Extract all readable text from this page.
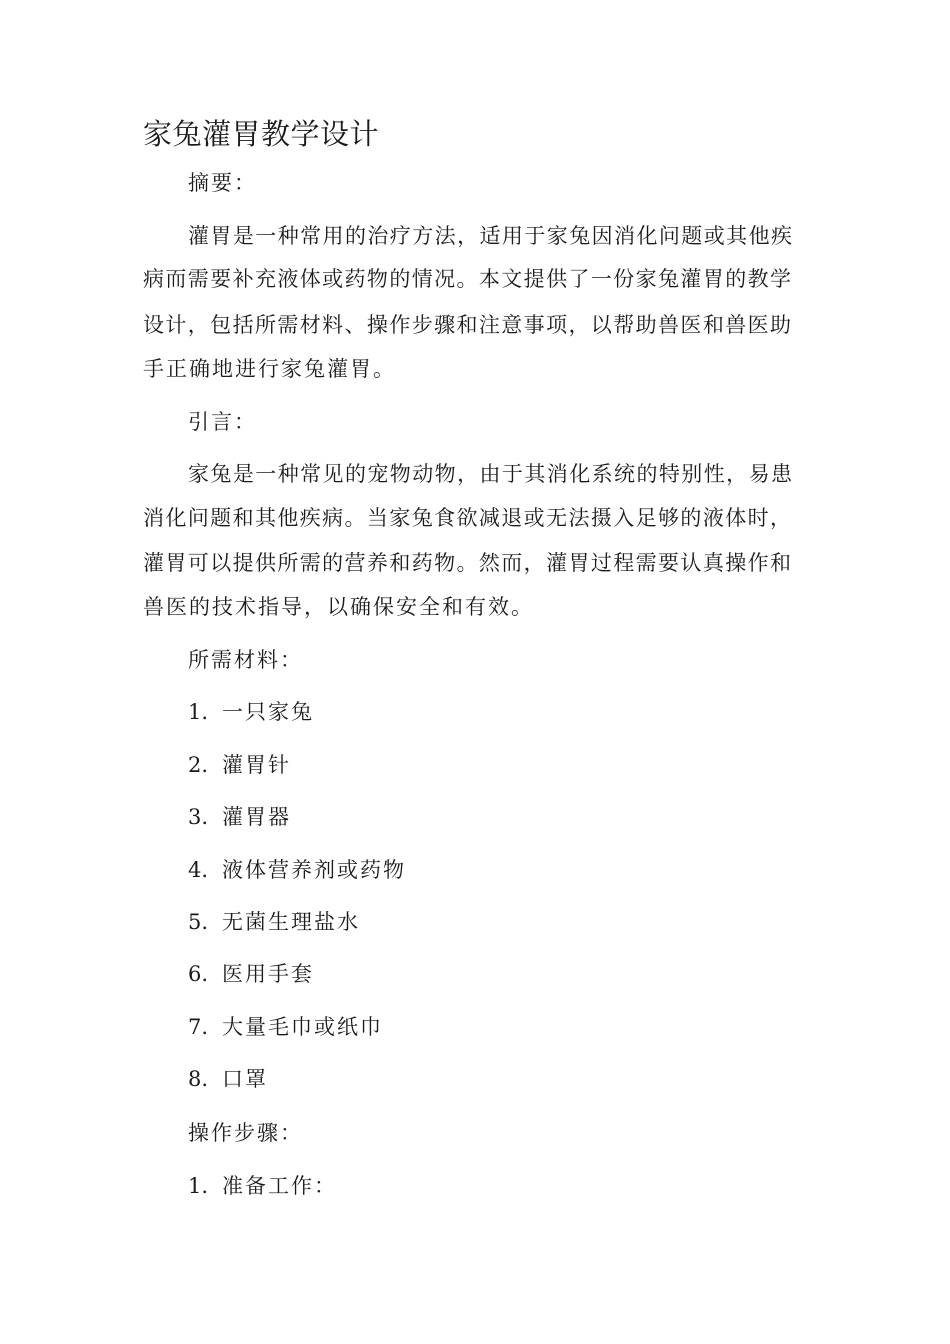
家兔灌胃教学设计
摘要：
灌胃是一种常用的治疗方法，适用于家兔因消化问题或其他疾
病而需要补充液体或药物的情况。本文提供了一份家兔灌胃的教学
设计，包括所需材料、操作步骤和注意事项，以帮助兽医和兽医助
手正确地进行家兔灌胃。
引言：
家兔是一种常见的宠物动物，由于其消化系统的特别性，易患
消化问题和其他疾病。当家兔食欲减退或无法摄入足够的液体时，
灌胃可以提供所需的营养和药物。然而，灌胃过程需要认真操作和
兽医的技术指导，以确保安全和有效。
所需材料：
1. 一只家兔
2. 灌胃针
3. 灌胃器
4. 液体营养剂或药物
5. 无菌生理盐水
6. 医用手套
7. 大量毛巾或纸巾
8. 口罩
操作步骤：
1. 准备工作：
